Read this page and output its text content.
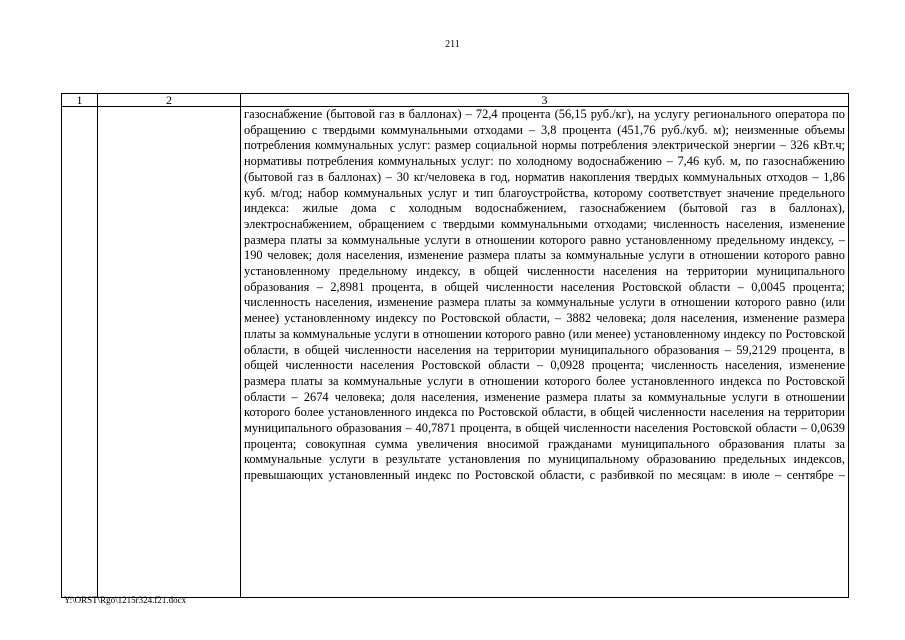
211
1	2	3

		газоснабжение (бытовой газ в баллонах) – 72,4 процента (56,15 руб./кг), на услугу регионального оператора по обращению с твердыми коммунальными отходами – 3,8 процента (451,76 руб./куб. м); неизменные объемы потребления коммунальных услуг: размер социальной нормы потребления электрической энергии – 326 кВт.ч; нормативы потребления коммунальных услуг: по холодному водоснабжению – 7,46 куб. м, по газоснабжению (бытовой газ в баллонах) – 30 кг/человека в год, норматив накопления твердых коммунальных отходов – 1,86 куб. м/год; набор коммунальных услуг и тип благоустройства, которому соответствует значение предельного индекса: жилые дома с холодным водоснабжением, газоснабжением (бытовой газ в баллонах), электроснабжением, обращением с твердыми коммунальными отходами; численность населения, изменение размера платы за коммунальные услуги в отношении которого равно установленному предельному индексу, – 190 человек; доля населения, изменение размера платы за коммунальные услуги в отношении которого равно установленному предельному индексу, в общей численности населения на территории муниципального образования – 2,8981 процента, в общей численности населения Ростовской области – 0,0045 процента; численность населения, изменение размера платы за коммунальные услуги в отношении которого равно (или менее) установленному индексу по Ростовской области, – 3882 человека; доля населения, изменение размера платы за коммунальные услуги в отношении которого равно (или менее) установленному индексу по Ростовской области, в общей численности населения на территории муниципального образования – 59,2129 процента, в общей численности населения Ростовской области – 0,0928 процента; численность населения, изменение размера платы за коммунальные услуги в отношении которого более установленного индекса по Ростовской области – 2674 человека; доля населения, изменение размера платы за коммунальные услуги в отношении которого более установленного индекса по Ростовской области, в общей численности населения на территории муниципального образования – 40,7871 процента, в общей численности населения Ростовской области – 0,0639 процента; совокупная сумма увеличения вносимой гражданами муниципального образования платы за коммунальные услуги в результате установления по муниципальному образованию предельных индексов, превышающих установленный индекс по Ростовской области, с разбивкой по месяцам: в июле – сентябре –

Y:\ORST\Rgo\1215r324.f21.docx
